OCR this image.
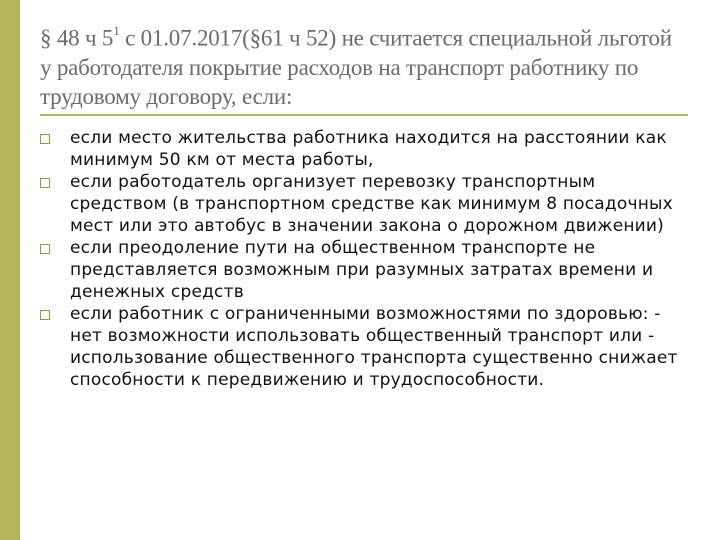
§ 48 ч $5^1$ с 01.07.2017(§61 ч 52) не считается специальной льготой у работодателя покрытие расходов на транспорт работнику по трудовому договору, если:
если место жительства работника находится на расстоянии как минимум 50 км от места работы,
если работодатель организует перевозку транспортным средством (в транспортном средстве как минимум 8 посадочных мест или это автобус в значении закона о дорожном движении)
если преодоление пути на общественном транспорте не представляется возможным при разумных затратах времени и денежных средств
если работник с ограниченными возможностями по здоровью: - нет возможности использовать общественный транспорт или - использование общественного транспорта существенно снижает способности к передвижению и трудоспособности.
